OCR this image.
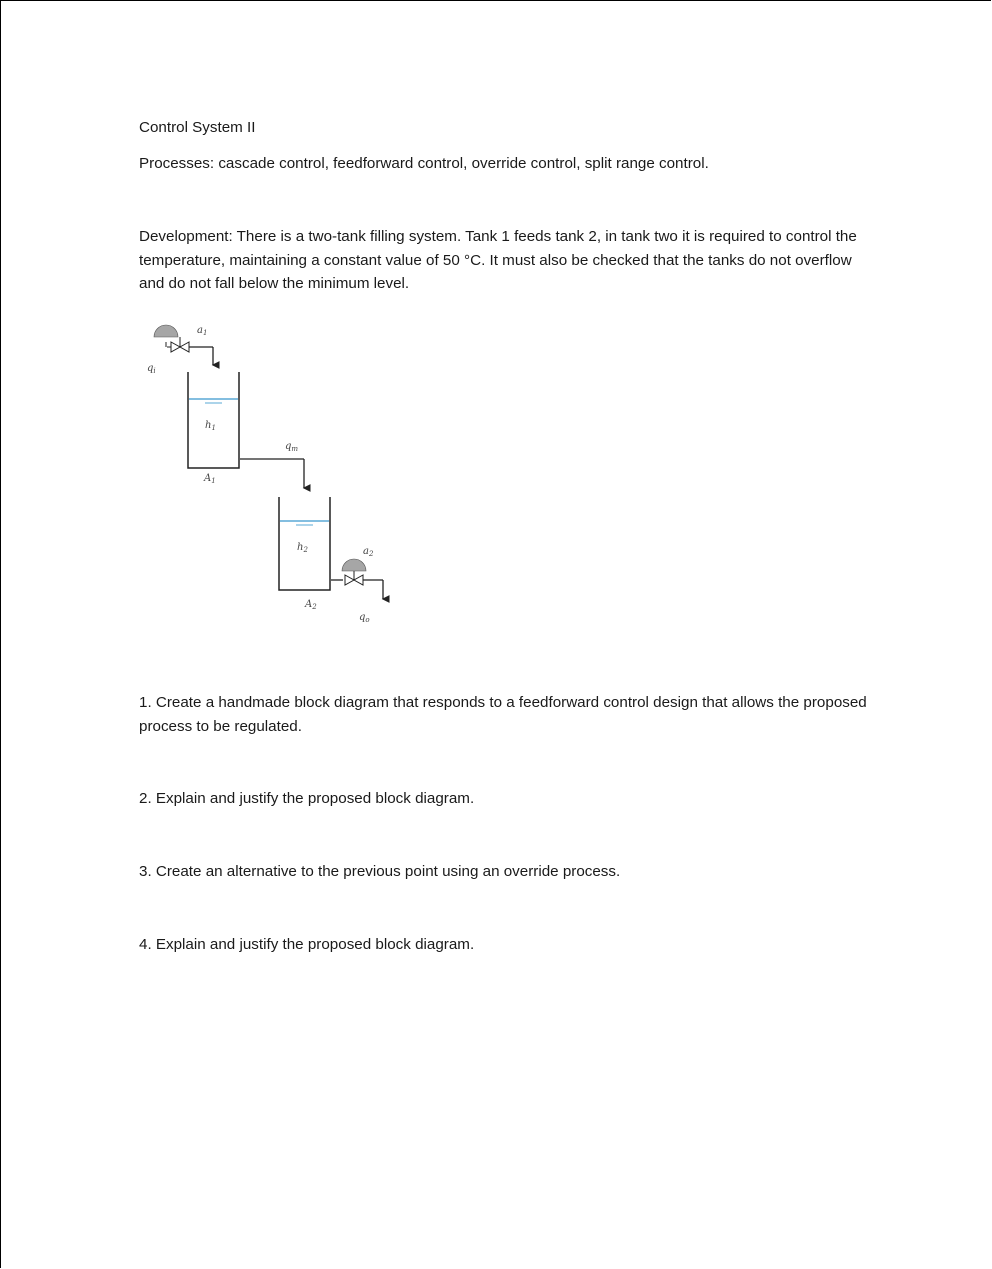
Control System II

Processes: cascade control, feedforward control, override control, split range control.

Development: There is a two-tank filling system. Tank 1 feeds tank 2, in tank two it is required to control the temperature, maintaining a constant value of 50 °C. It must also be checked that the tanks do not overflow and do not fall below the minimum level.

$q_i$
$a_1$
$h_1$
$A_1$
$q_m$
$h_2$
$A_2$
$a_2$
$q_o$

1. Create a handmade block diagram that responds to a feedforward control design that allows the proposed process to be regulated.

2. Explain and justify the proposed block diagram.

3. Create an alternative to the previous point using an override process.

4. Explain and justify the proposed block diagram.
